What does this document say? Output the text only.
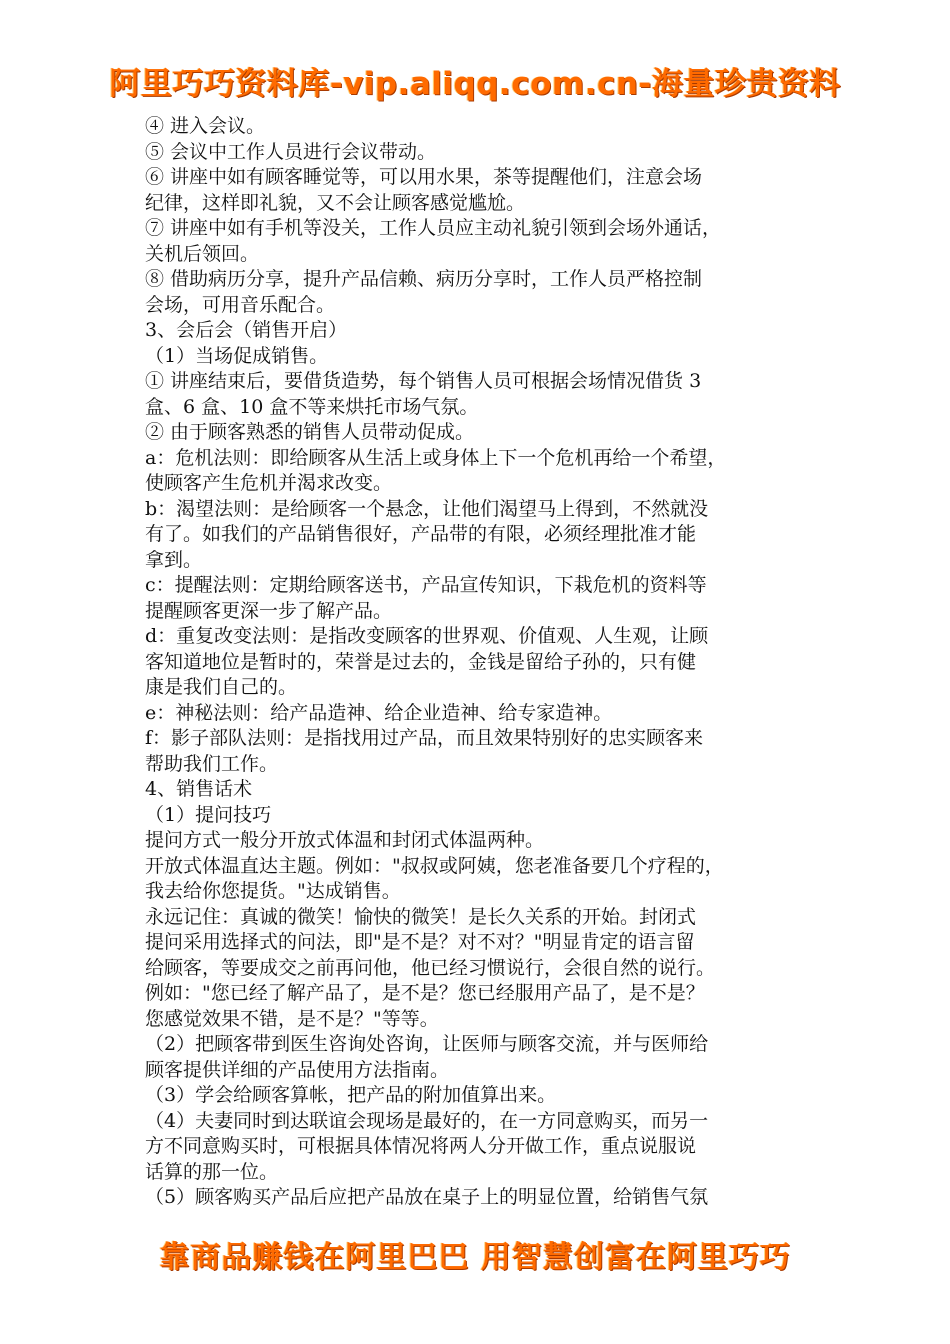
阿里巧巧资料库-vip.aliqq.com.cn-海量珍贵资料

④ 进入会议。

⑤ 会议中工作人员进行会议带动。

⑥ 讲座中如有顾客睡觉等，可以用水果，茶等提醒他们，注意会场

纪律，这样即礼貌，又不会让顾客感觉尴尬。

⑦ 讲座中如有手机等没关，工作人员应主动礼貌引领到会场外通话，

关机后领回。

⑧ 借助病历分享，提升产品信赖、病历分享时，工作人员严格控制

会场，可用音乐配合。

3、会后会（销售开启）

（1）当场促成销售。

① 讲座结束后，要借货造势，每个销售人员可根据会场情况借货 3

盒、6 盒、10 盒不等来烘托市场气氛。

② 由于顾客熟悉的销售人员带动促成。

a：危机法则：即给顾客从生活上或身体上下一个危机再给一个希望，

使顾客产生危机并渴求改变。

b：渴望法则：是给顾客一个悬念，让他们渴望马上得到，不然就没

有了。如我们的产品销售很好，产品带的有限，必须经理批准才能

拿到。

c：提醒法则：定期给顾客送书，产品宣传知识，下栽危机的资料等

提醒顾客更深一步了解产品。

d：重复改变法则：是指改变顾客的世界观、价值观、人生观，让顾

客知道地位是暂时的，荣誉是过去的，金钱是留给子孙的，只有健

康是我们自己的。

e：神秘法则：给产品造神、给企业造神、给专家造神。

f：影子部队法则：是指找用过产品，而且效果特别好的忠实顾客来

帮助我们工作。

4、销售话术

（1）提问技巧

提问方式一般分开放式体温和封闭式体温两种。

开放式体温直达主题。例如："叔叔或阿姨，您老准备要几个疗程的，

我去给你您提货。"达成销售。

永远记住：真诚的微笑！愉快的微笑！是长久关系的开始。封闭式

提问采用选择式的问法，即"是不是？对不对？"明显肯定的语言留

给顾客，等要成交之前再问他，他已经习惯说行，会很自然的说行。

例如："您已经了解产品了，是不是？您已经服用产品了，是不是？

您感觉效果不错，是不是？"等等。

（2）把顾客带到医生咨询处咨询，让医师与顾客交流，并与医师给

顾客提供详细的产品使用方法指南。

（3）学会给顾客算帐，把产品的附加值算出来。

（4）夫妻同时到达联谊会现场是最好的，在一方同意购买，而另一

方不同意购买时，可根据具体情况将两人分开做工作，重点说服说

话算的那一位。

（5）顾客购买产品后应把产品放在桌子上的明显位置，给销售气氛

靠商品赚钱在阿里巴巴 用智慧创富在阿里巧巧
